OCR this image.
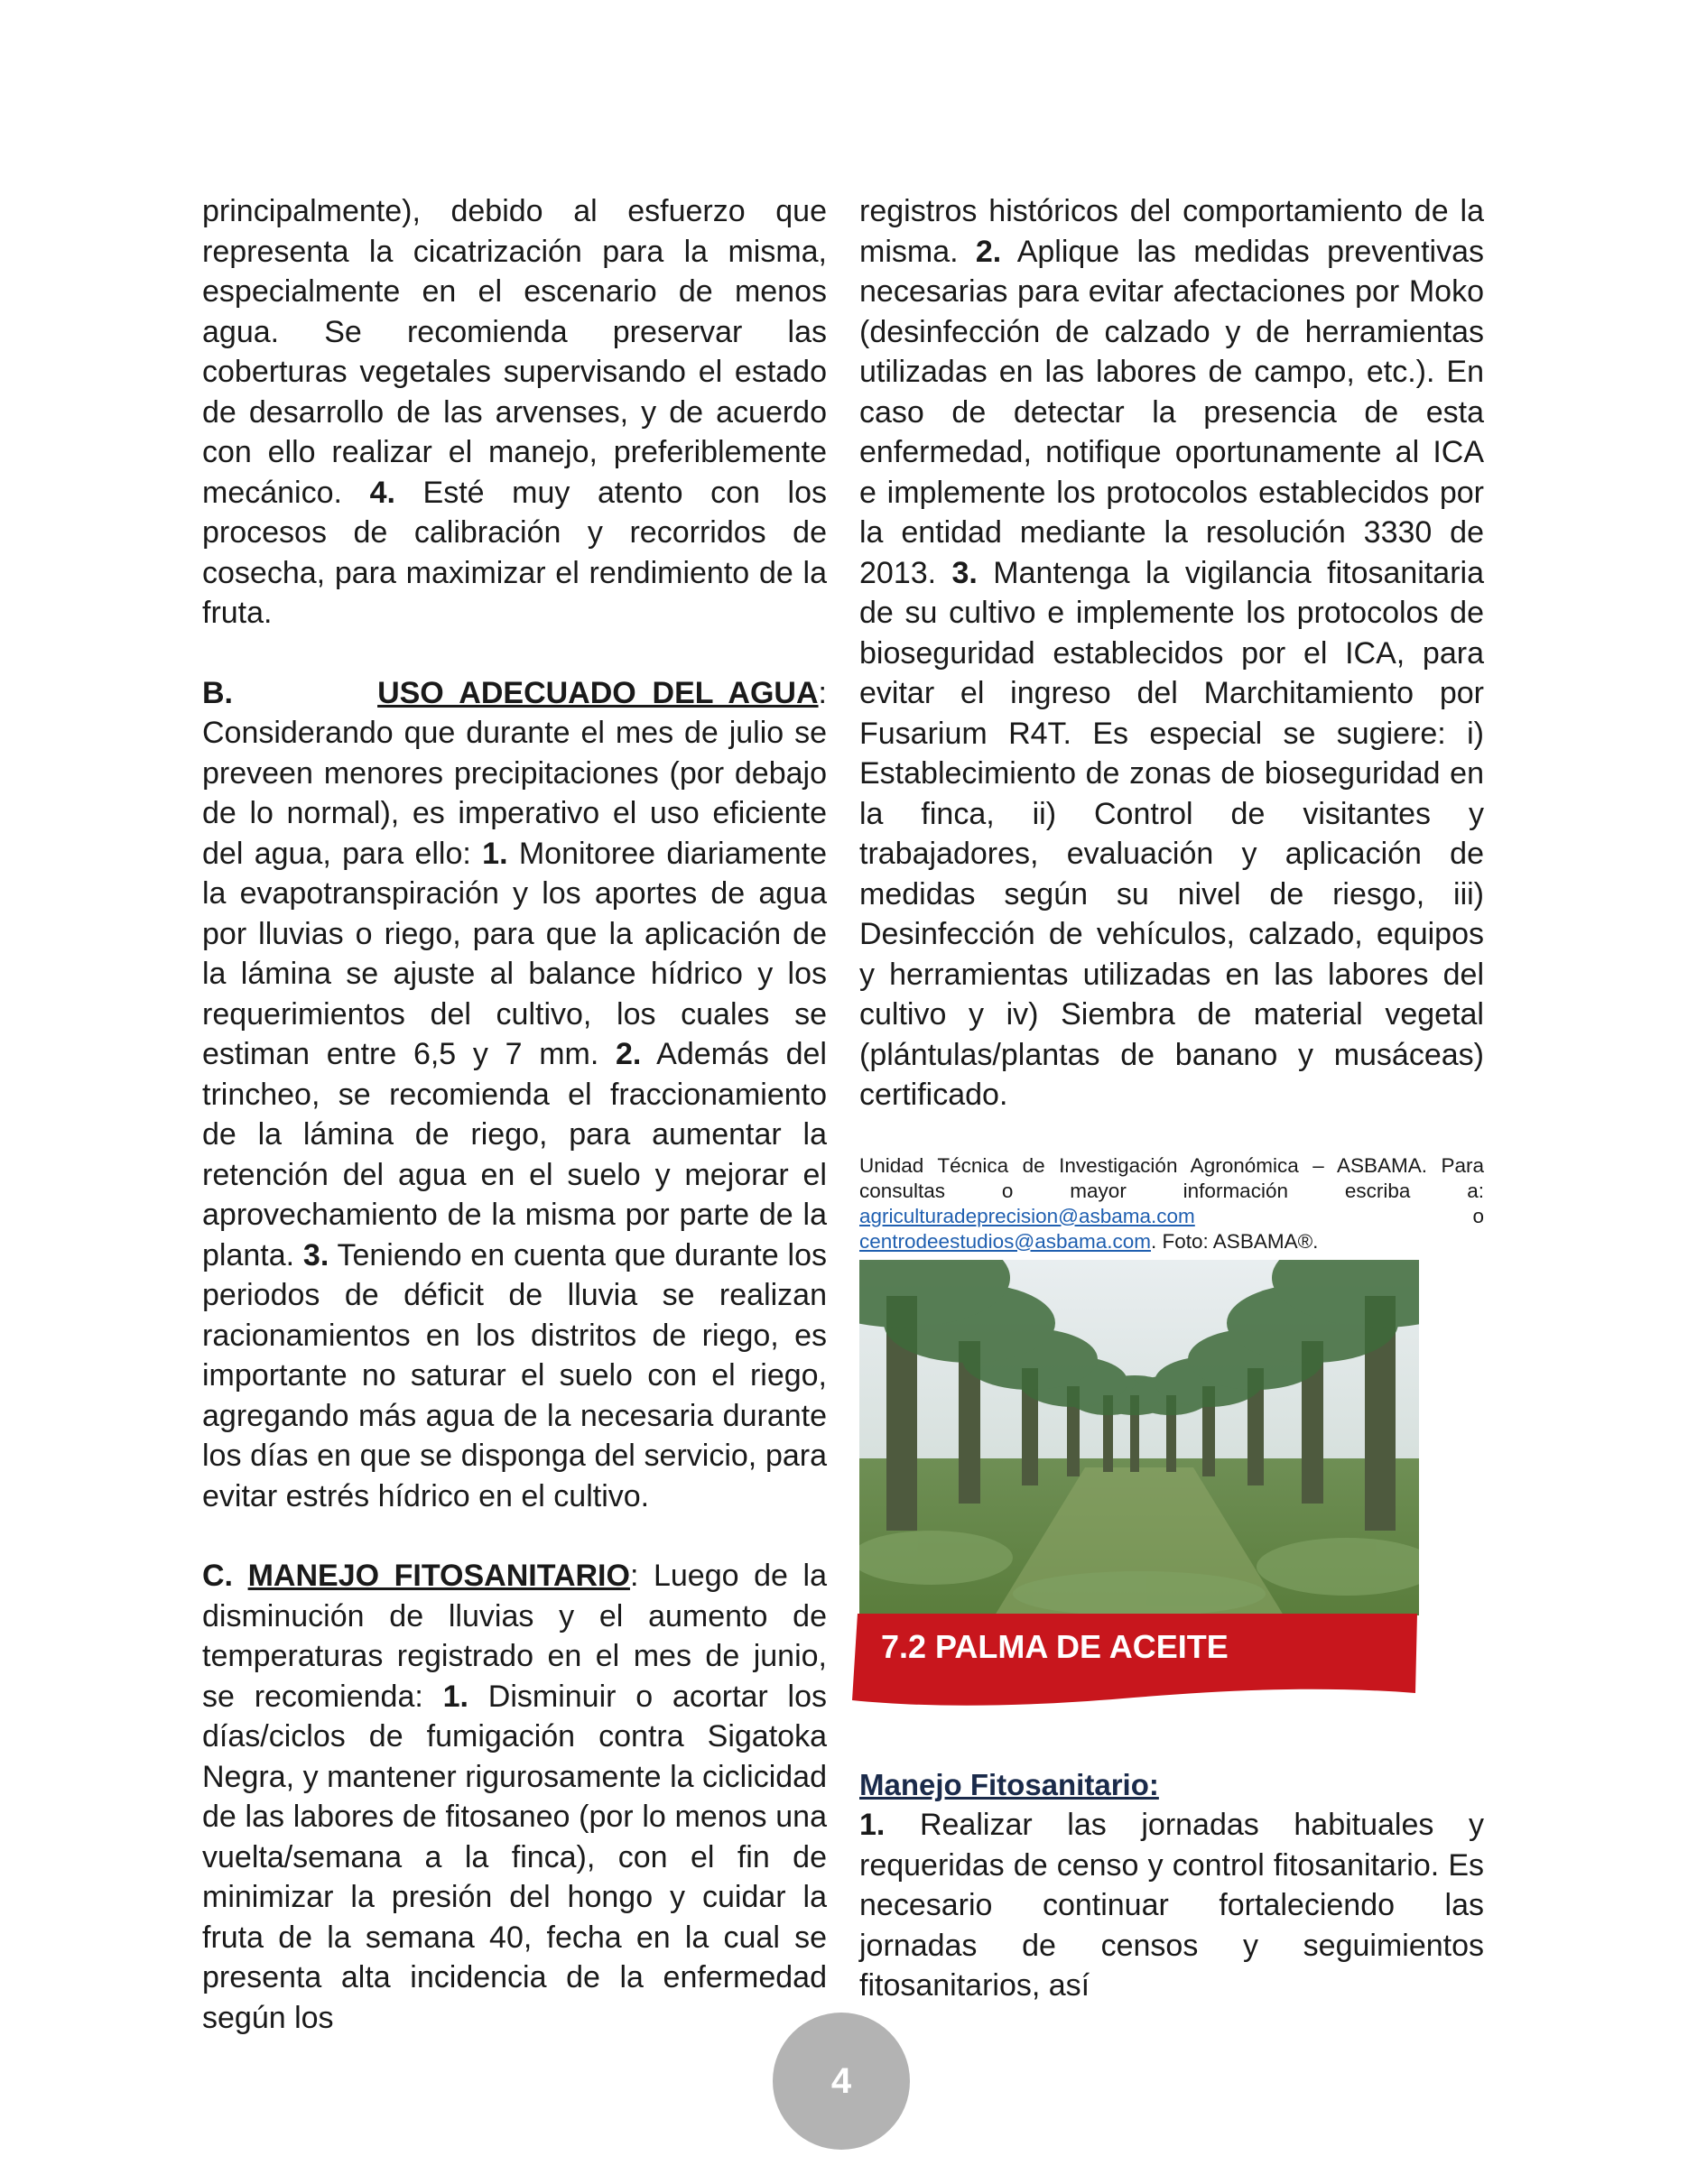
principalmente), debido al esfuerzo que representa la cicatrización para la misma, especialmente en el escenario de menos agua. Se recomienda preservar las coberturas vegetales supervisando el estado de desarrollo de las arvenses, y de acuerdo con ello realizar el manejo, preferiblemente mecánico. 4. Esté muy atento con los procesos de calibración y recorridos de cosecha, para maximizar el rendimiento de la fruta.

B.	USO ADECUADO DEL AGUA: Considerando que durante el mes de julio se preveen menores precipitaciones (por debajo de lo normal), es imperativo el uso eficiente del agua, para ello: 1. Monitoree diariamente la evapotranspiración y los aportes de agua por lluvias o riego, para que la aplicación de la lámina se ajuste al balance hídrico y los requerimientos del cultivo, los cuales se estiman entre 6,5 y 7 mm. 2. Además del trincheo, se recomienda el fraccionamiento de la lámina de riego, para aumentar la retención del agua en el suelo y mejorar el aprovechamiento de la misma por parte de la planta. 3. Teniendo en cuenta que durante los periodos de déficit de lluvia se realizan racionamientos en los distritos de riego, es importante no saturar el suelo con el riego, agregando más agua de la necesaria durante los días en que se disponga del servicio, para evitar estrés hídrico en el cultivo.

C. MANEJO FITOSANITARIO: Luego de la disminución de lluvias y el aumento de temperaturas registrado en el mes de junio, se recomienda: 1. Disminuir o acortar los días/ciclos de fumigación contra Sigatoka Negra, y mantener rigurosamente la ciclicidad de las labores de fitosaneo (por lo menos una vuelta/semana a la finca), con el fin de minimizar la presión del hongo y cuidar la fruta de la semana 40, fecha en la cual se presenta alta incidencia de la enfermedad según los

registros históricos del comportamiento de la misma. 2. Aplique las medidas preventivas necesarias para evitar afectaciones por Moko (desinfección de calzado y de herramientas utilizadas en las labores de campo, etc.). En caso de detectar la presencia de esta enfermedad, notifique oportunamente al ICA e implemente los protocolos establecidos por la entidad mediante la resolución 3330 de 2013. 3. Mantenga la vigilancia fitosanitaria de su cultivo e implemente los protocolos de bioseguridad establecidos por el ICA, para evitar el ingreso del Marchitamiento por Fusarium R4T. Es especial se sugiere: i) Establecimiento de zonas de bioseguridad en la finca, ii) Control de visitantes y trabajadores, evaluación y aplicación de medidas según su nivel de riesgo, iii) Desinfección de vehículos, calzado, equipos y herramientas utilizadas en las labores del cultivo y iv) Siembra de material vegetal (plántulas/plantas de banano y musáceas) certificado.

Unidad Técnica de Investigación Agronómica – ASBAMA. Para consultas o mayor información escriba a: agriculturadeprecision@asbama.com o centrodeestudios@asbama.com. Foto: ASBAMA®.

7.2 PALMA DE ACEITE

Manejo Fitosanitario:

1. Realizar las jornadas habituales y requeridas de censo y control fitosanitario. Es necesario continuar fortaleciendo las jornadas de censos y seguimientos fitosanitarios, así

4
